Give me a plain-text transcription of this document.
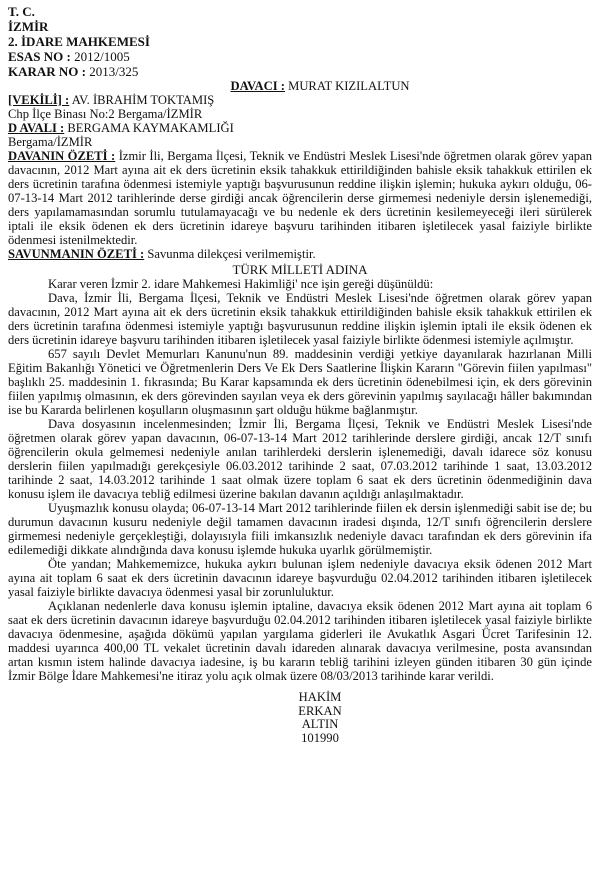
T. C.
İZMİR
2. İDARE MAHKEMESİ
ESAS NO : 2012/1005
KARAR NO : 2013/325
DAVACI : MURAT KIZILALTUN
[VEKİLİ] : AV. İBRAHİM TOKTAMIŞ
Chp İlçe Binası No:2 Bergama/İZMİR
D AVALI : BERGAMA KAYMAKAMLIĞI
Bergama/İZMİR

DAVANIN ÖZETİ : İzmir İli, Bergama İlçesi, Teknik ve Endüstri Meslek Lisesi'nde öğretmen olarak görev yapan davacının, 2012 Mart ayına ait ek ders ücretinin eksik tahakkuk ettirildiğinden bahisle eksik tahakkuk ettirilen ek ders ücretinin tarafına ödenmesi istemiyle yaptığı başvurusunun reddine ilişkin işlemin; hukuka aykırı olduğu, 06-07-13-14 Mart 2012 tarihlerinde derse girdiği ancak öğrencilerin derse girmemesi nedeniyle dersin işlenemediği, ders yapılamamasından sorumlu tutulamayacağı ve bu nedenle ek ders ücretinin kesilemeyeceği ileri sürülerek iptali ile eksik ödenen ek ders ücretinin idareye başvuru tarihinden itibaren işletilecek yasal faiziyle birlikte ödenmesi istenilmektedir.

SAVUNMANIN ÖZETİ : Savunma dilekçesi verilmemiştir.

TÜRK MİLLETİ ADINA

Karar veren İzmir 2. idare Mahkemesi Hakimliği' nce işin gereği düşünüldü:

Dava, İzmir İli, Bergama İlçesi, Teknik ve Endüstri Meslek Lisesi'nde öğretmen olarak görev yapan davacının, 2012 Mart ayına ait ek ders ücretinin eksik tahakkuk ettirildiğinden bahisle eksik tahakkuk ettirilen ek ders ücretinin tarafına ödenmesi istemiyle yaptığı başvurusunun reddine ilişkin işlemin iptali ile eksik ödenen ek ders ücretinin idareye başvuru tarihinden itibaren işletilecek yasal faiziyle birlikte ödenmesi istemiyle açılmıştır.

657 sayılı Devlet Memurları Kanunu'nun 89. maddesinin verdiği yetkiye dayanılarak hazırlanan Milli Eğitim Bakanlığı Yönetici ve Öğretmenlerin Ders Ve Ek Ders Saatlerine İlişkin Kararın "Görevin fiilen yapılması" başlıklı 25. maddesinin 1. fıkrasında; Bu Karar kapsamında ek ders ücretinin ödenebilmesi için, ek ders görevinin fiilen yapılmış olmasının, ek ders görevinden sayılan veya ek ders görevinin yapılmış sayılacağı hâller bakımından ise bu Kararda belirlenen koşulların oluşmasının şart olduğu hükme bağlanmıştır.

Dava dosyasının incelenmesinden; İzmir İli, Bergama İlçesi, Teknik ve Endüstri Meslek Lisesi'nde öğretmen olarak görev yapan davacının, 06-07-13-14 Mart 2012 tarihlerinde derslere girdiği, ancak 12/T sınıfı öğrencilerin okula gelmemesi nedeniyle anılan tarihlerdeki derslerin işlenemediği, davalı idarece söz konusu derslerin fiilen yapılmadığı gerekçesiyle 06.03.2012 tarihinde 2 saat, 07.03.2012 tarihinde 1 saat, 13.03.2012 tarihinde 2 saat, 14.03.2012 tarihinde 1 saat olmak üzere toplam 6 saat ek ders ücretinin ödenmediğinin dava konusu işlem ile davacıya tebliğ edilmesi üzerine bakılan davanın açıldığı anlaşılmaktadır.

Uyuşmazlık konusu olayda; 06-07-13-14 Mart 2012 tarihlerinde fiilen ek dersin işlenmediği sabit ise de; bu durumun davacının kusuru nedeniyle değil tamamen davacının iradesi dışında, 12/T sınıfı öğrencilerin derslere girmemesi nedeniyle gerçekleştiği, dolayısıyla fiili imkansızlık nedeniyle davacı tarafından ek ders görevinin ifa edilemediği dikkate alındığında dava konusu işlemde hukuka uyarlık görülmemiştir.

Öte yandan; Mahkememizce, hukuka aykırı bulunan işlem nedeniyle davacıya eksik ödenen 2012 Mart ayına ait toplam 6 saat ek ders ücretinin davacının idareye başvurduğu 02.04.2012 tarihinden itibaren işletilecek yasal faiziyle birlikte davacıya ödenmesi yasal bir zorunluluktur.

Açıklanan nedenlerle dava konusu işlemin iptaline, davacıya eksik ödenen 2012 Mart ayına ait toplam 6 saat ek ders ücretinin davacının idareye başvurduğu 02.04.2012 tarihinden itibaren işletilecek yasal faiziyle birlikte davacıya ödenmesine, aşağıda dökümü yapılan yargılama giderleri ile Avukatlık Asgari Ücret Tarifesinin 12. maddesi uyarınca 400,00 TL vekalet ücretinin davalı idareden alınarak davacıya verilmesine, posta avansından artan kısmın istem halinde davacıya iadesine, iş bu kararın tebliğ tarihini izleyen günden itibaren 30 gün içinde İzmir Bölge İdare Mahkemesi'ne itiraz yolu açık olmak üzere 08/03/2013 tarihinde karar verildi.

HAKİM
ERKAN
ALTIN
101990
